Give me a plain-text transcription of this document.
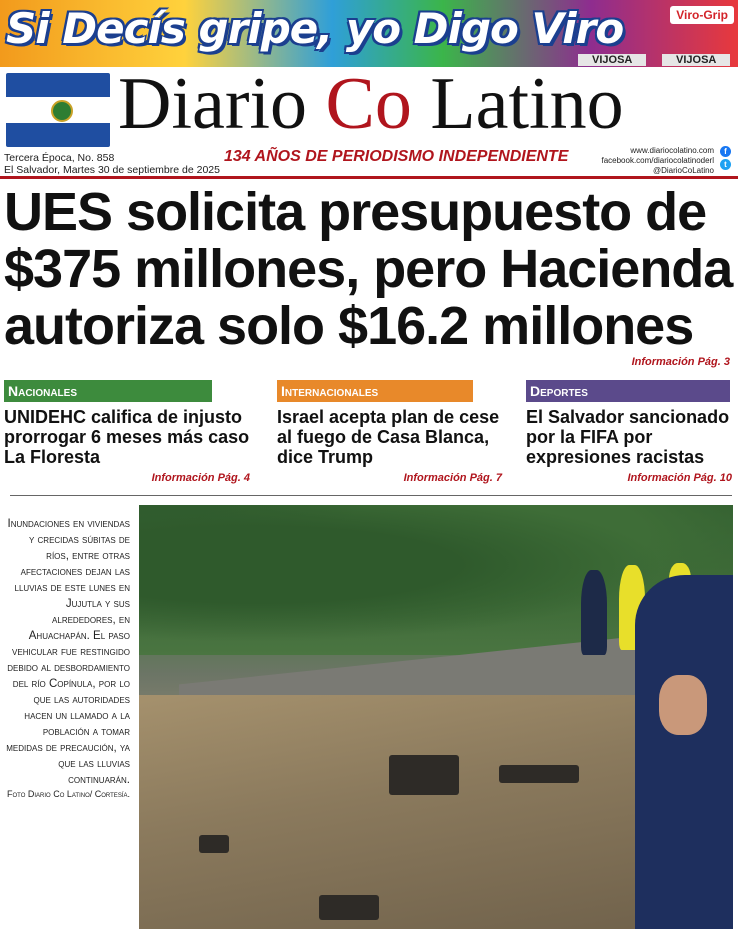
Si Decís gripe, yo Digo Viro	Viro-Grip
VIJOSA	VIJOSA
Diario Co Latino
Tercera Época, No. 858
El Salvador, Martes 30 de septiembre de 2025
134 AÑOS DE PERIODISMO INDEPENDIENTE	www.diariocolatino.com
facebook.com/diariocolatinoderl
@DiarioCoLatino
f
t
UES solicita presupuesto de $375 millones, pero Hacienda autoriza solo $16.2 millones
Información Pág. 3
Nacionales
UNIDEHC califica de injusto prorrogar 6 meses más caso La Floresta
Información Pág. 4
Internacionales
Israel acepta plan de cese al fuego de Casa Blanca, dice Trump
Información Pág. 7
Deportes
El Salvador sancionado por la FIFA por expresiones racistas
Información Pág. 10
Inundaciones en viviendas y crecidas súbitas de ríos, entre otras afectaciones dejan las lluvias de este lunes en Jujutla y sus alrededores, en Ahuachapán. El paso vehicular fue restingido debido al desbordamiento del río Copínula, por lo que las autoridades hacen un llamado a la población a tomar medidas de precaución, ya que las lluvias continuarán.
Foto Diario Co Latino/ Cortesía.
